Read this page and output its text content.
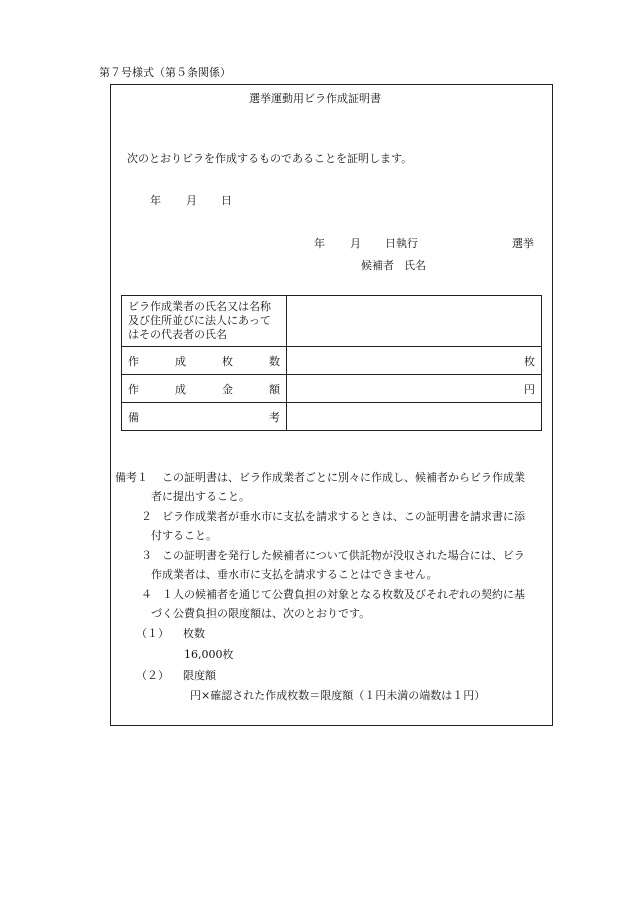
第７号様式（第５条関係）
選挙運動用ビラ作成証明書
次のとおりビラを作成するものであることを証明します。
年 月 日
年 月 日執行	選挙
候補者 氏名
ビラ作成業者の氏名又は名称及び住所並びに法人にあってはその代表者の氏名	

作 成 枚 数	枚

作 成 金 額	円

備 考	

備考１ この証明書は、ビラ作成業者ごとに別々に作成し、候補者からビラ作成業
者に提出すること。
２ ビラ作成業者が垂水市に支払を請求するときは、この証明書を請求書に添
付すること。
３ この証明書を発行した候補者について供託物が没収された場合には、ビラ
作成業者は、垂水市に支払を請求することはできません。
４ １人の候補者を通じて公費負担の対象となる枚数及びそれぞれの契約に基
づく公費負担の限度額は、次のとおりです。
（１） 枚数
16,000枚
（２） 限度額
円×確認された作成枚数＝限度額（１円未満の端数は１円）
